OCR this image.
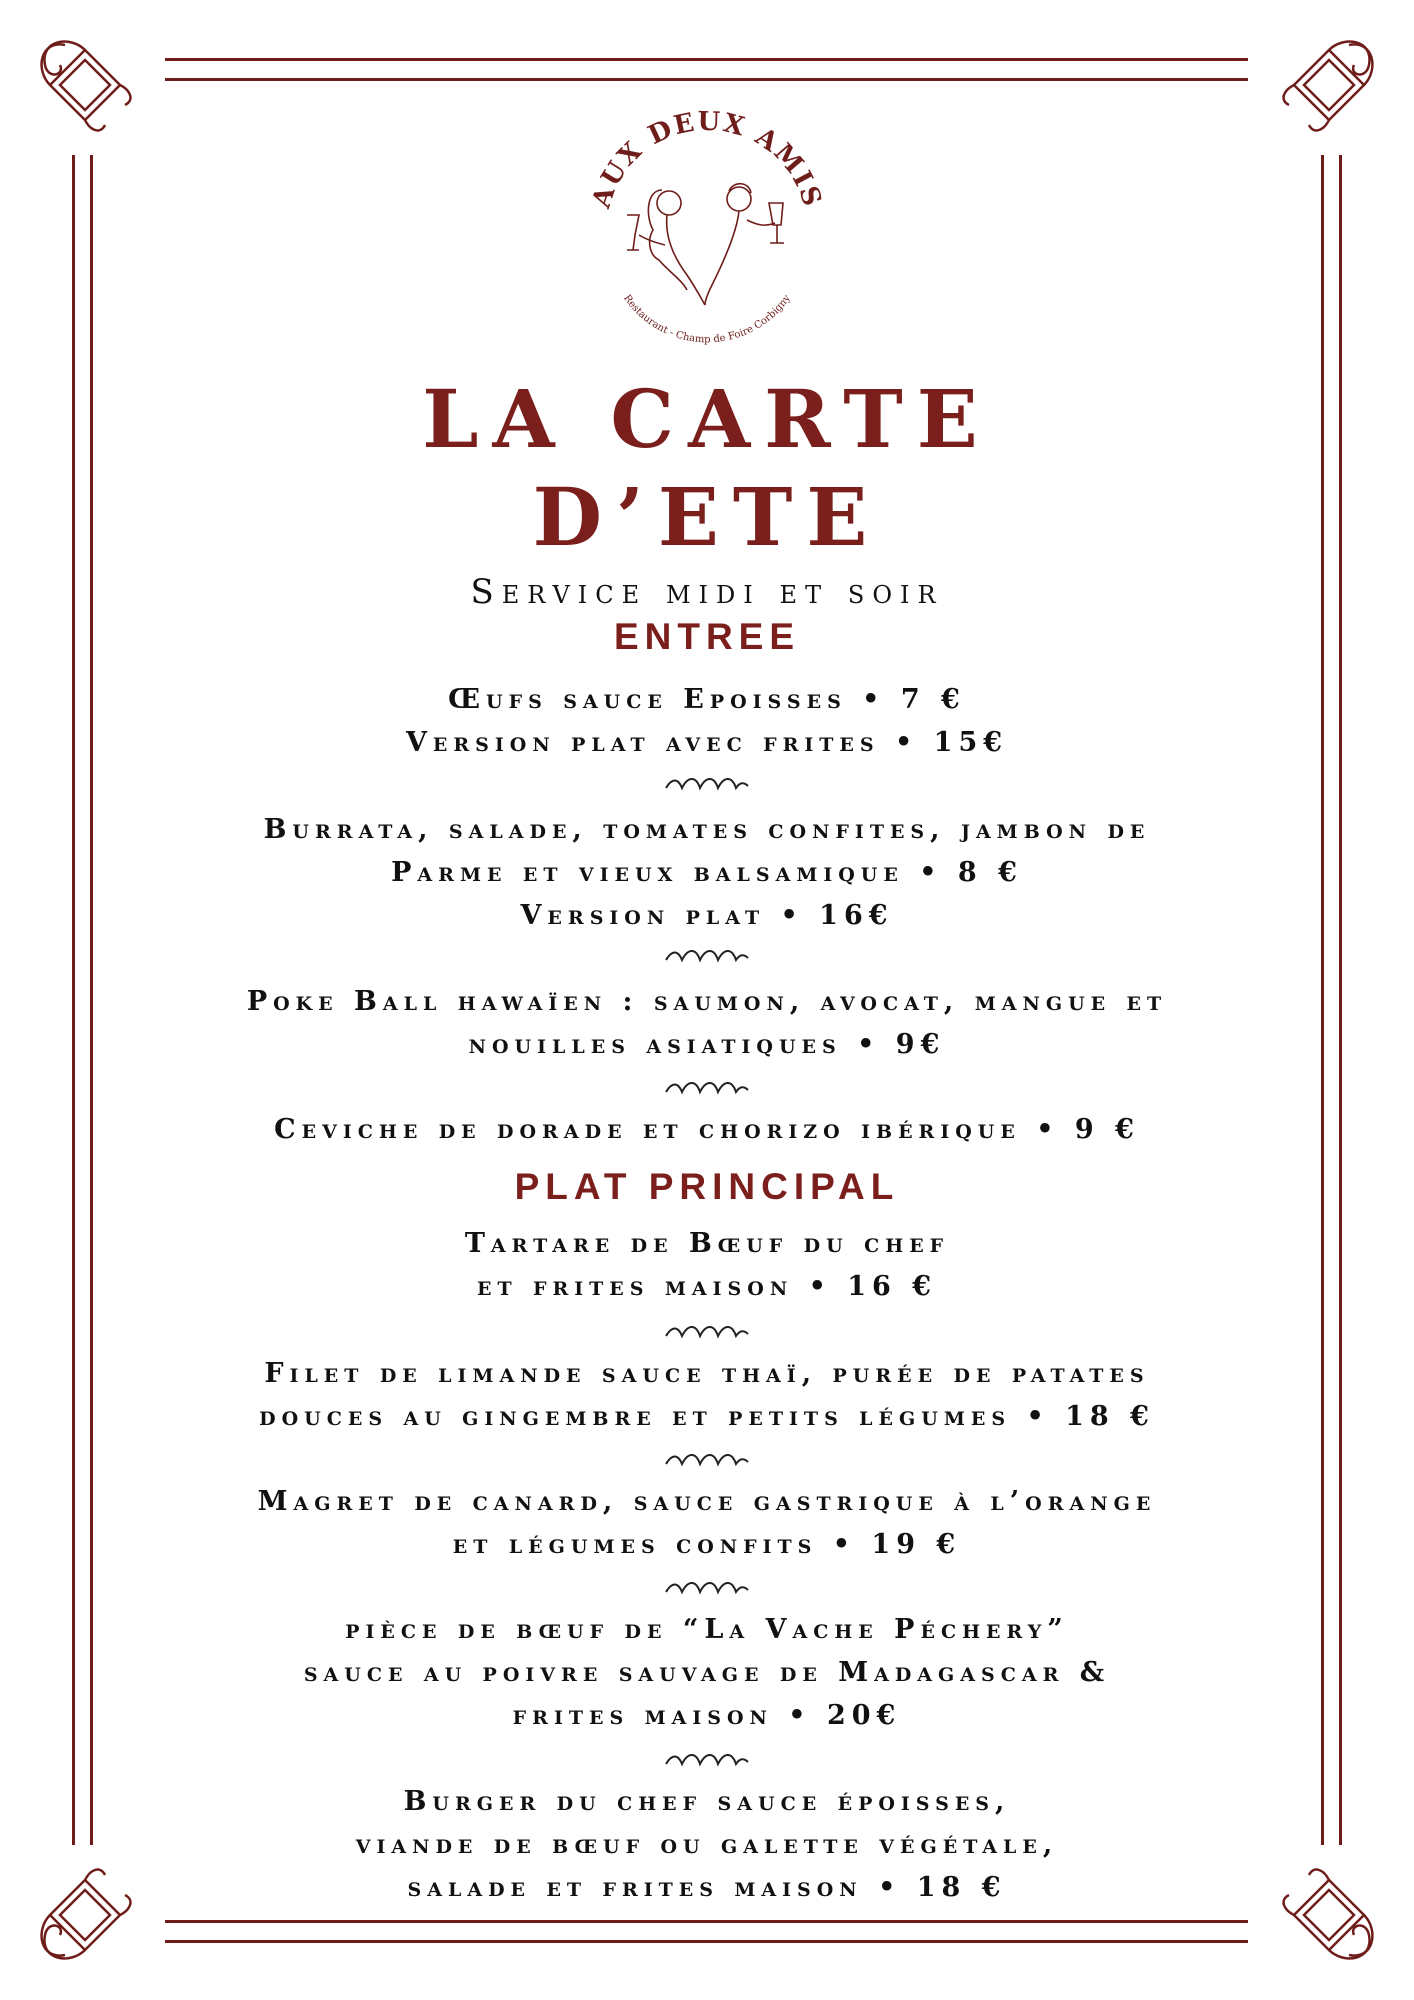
AUX DEUX AMIS
Restaurant - Champ de Foire Corbigny
LA CARTE
D’ETE
Service midi et soir
ENTREE
Œufs sauce Epoisses • 7 €
Version plat avec frites • 15€
Burrata, salade, tomates confites, jambon de
Parme et vieux balsamique • 8 €
Version plat • 16€
Poke Ball hawaïen : saumon, avocat, mangue et
nouilles asiatiques • 9€
Ceviche de dorade et chorizo ibérique • 9 €
PLAT PRINCIPAL
Tartare de Bœuf du chef
et frites maison • 16 €
Filet de limande sauce thaï, purée de patates
douces au gingembre et petits légumes • 18 €
Magret de canard, sauce gastrique à l’orange
et légumes confits • 19 €
pièce de bœuf de “La Vache Péchery”
sauce au poivre sauvage de Madagascar &
frites maison • 20€
Burger du chef sauce époisses,
viande de bœuf ou galette végétale,
salade et frites maison • 18 €
